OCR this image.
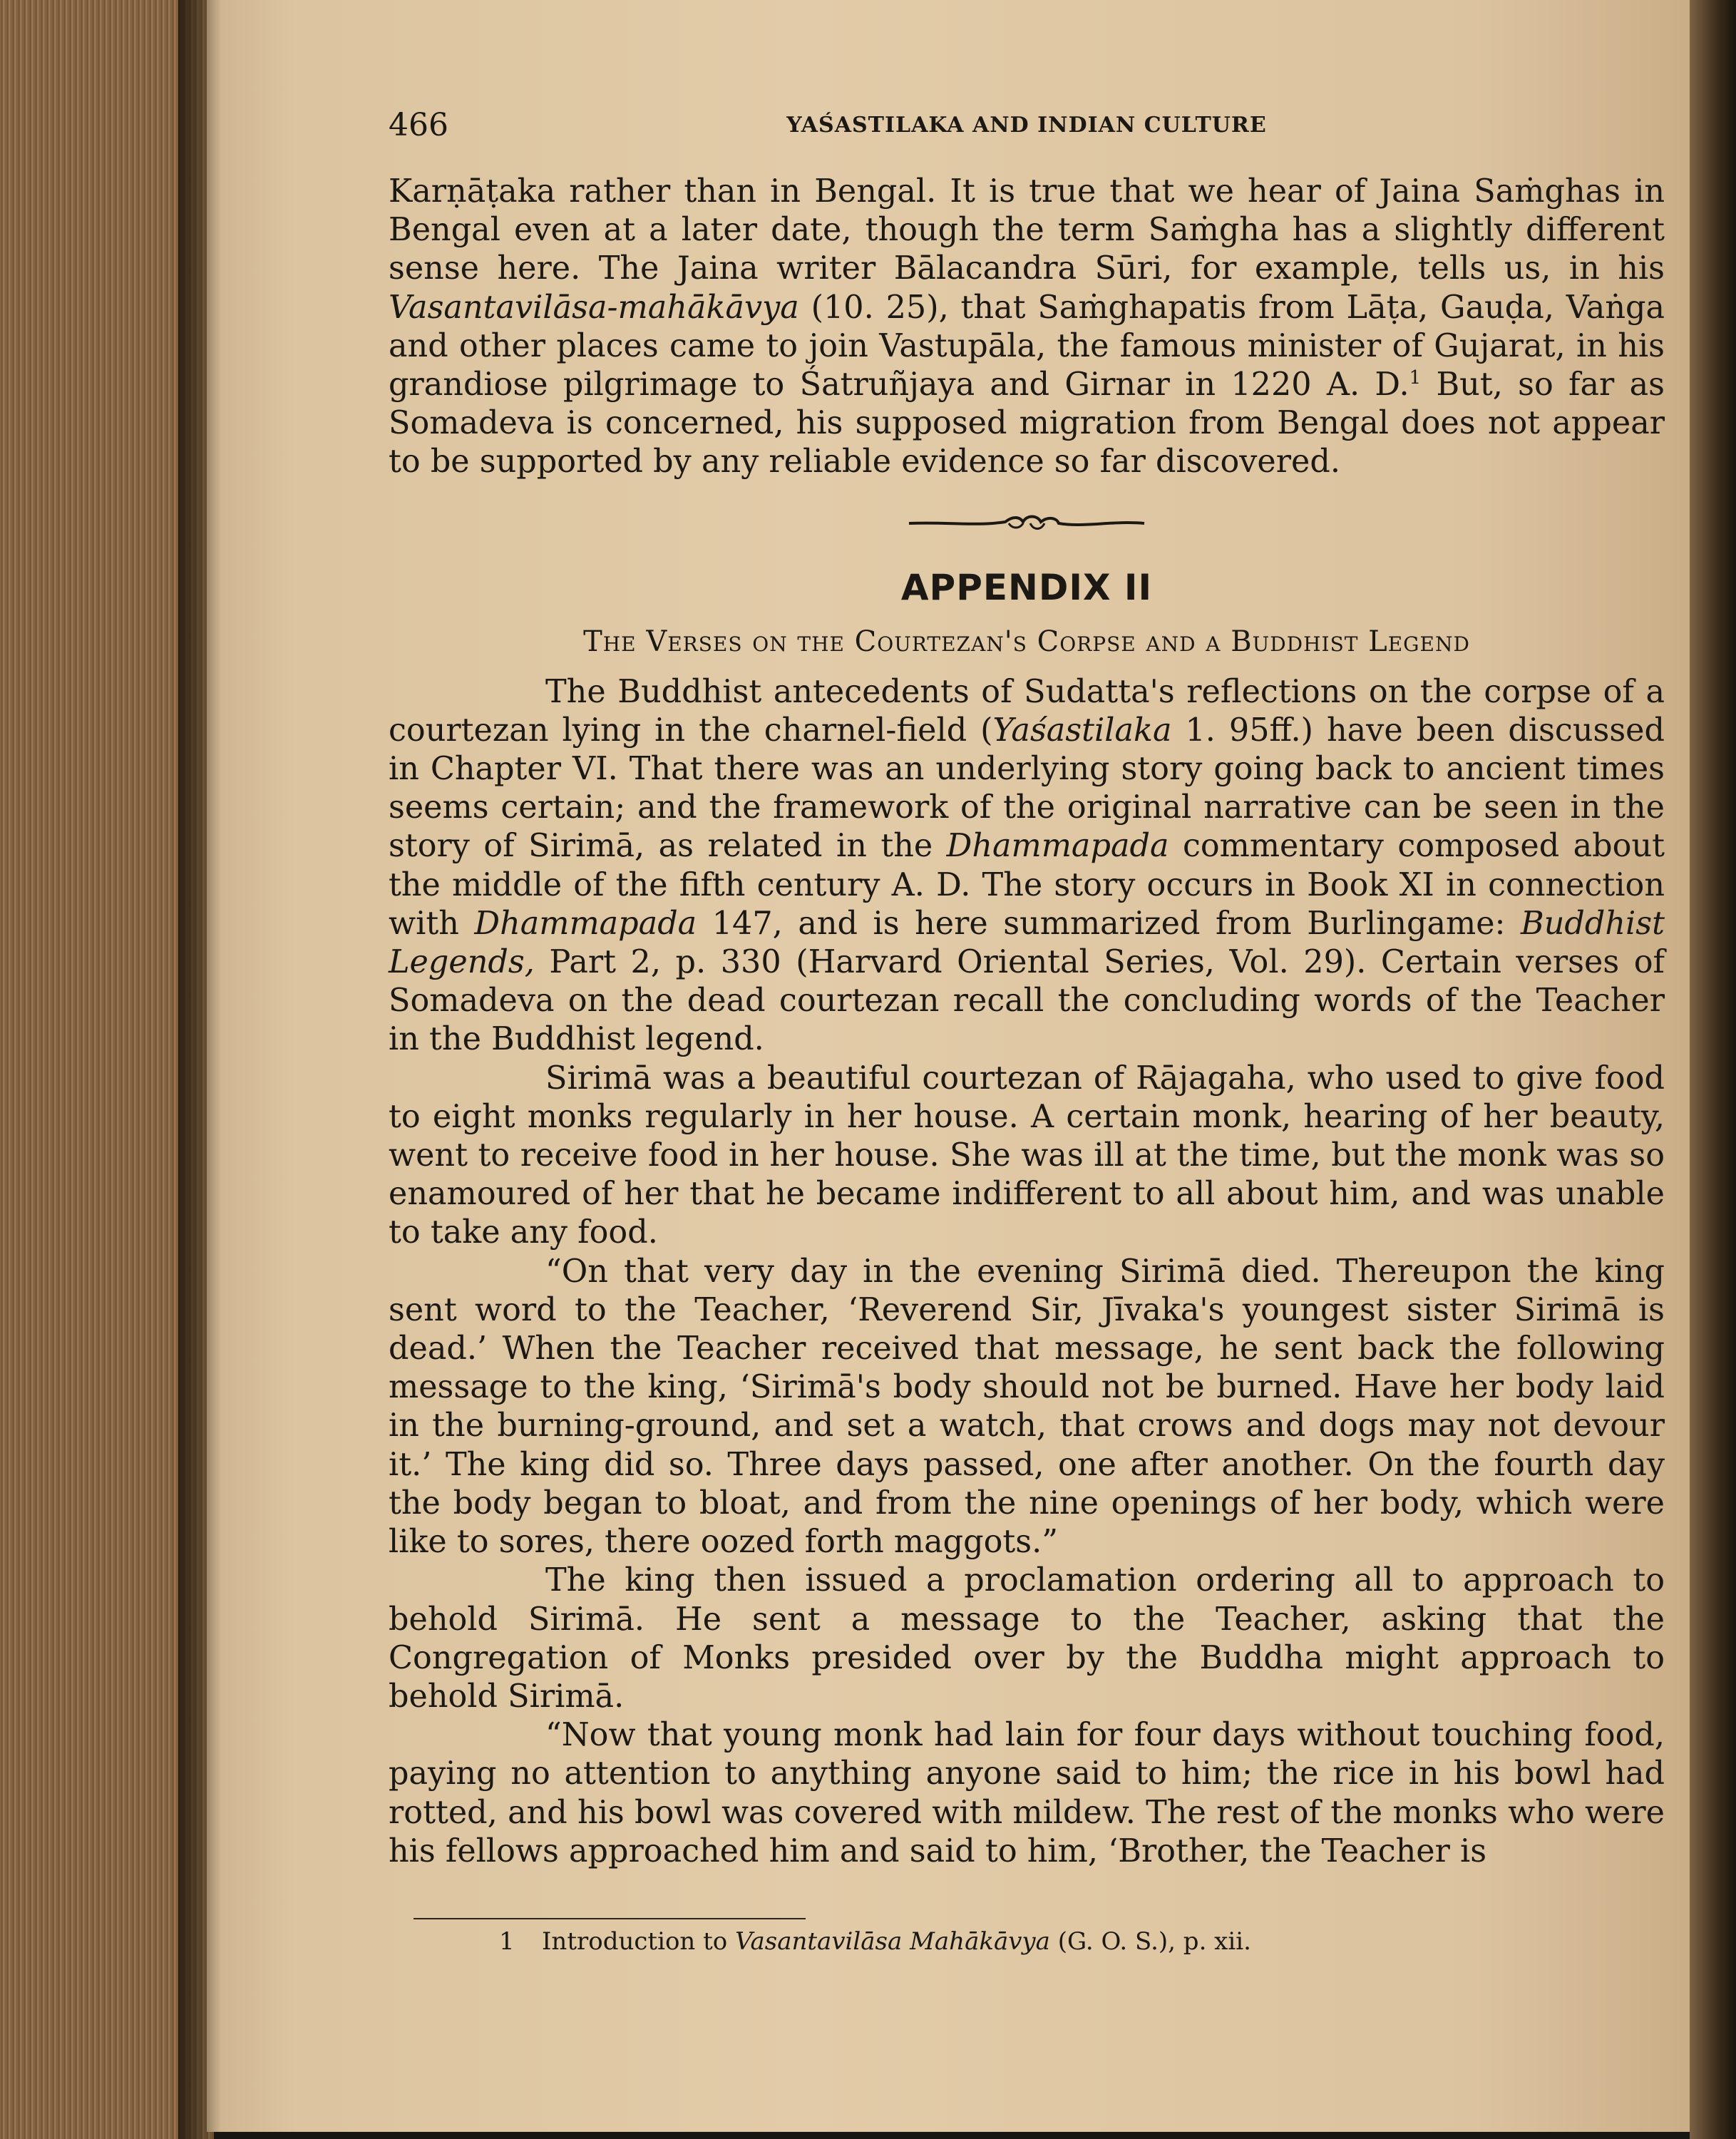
466	YAŚASTILAKA AND INDIAN CULTURE

Karṇāṭaka rather than in Bengal. It is true that we hear of Jaina Saṁghas in Bengal even at a later date, though the term Saṁgha has a slightly different sense here. The Jaina writer Bālacandra Sūri, for example, tells us, in his Vasantavilāsa-mahākāvya (10. 25), that Saṁghapatis from Lāṭa, Gauḍa, Vaṅga and other places came to join Vastupāla, the famous minister of Gujarat, in his grandiose pilgrimage to Śatruñjaya and Girnar in 1220 A. D.$^1$ But, so far as Somadeva is concerned, his supposed migration from Bengal does not appear to be supported by any reliable evidence so far discovered.

APPENDIX II
The Verses on the Courtezan's Corpse and a Buddhist Legend

The Buddhist antecedents of Sudatta's reflections on the corpse of a courtezan lying in the charnel-field (Yaśastilaka 1. 95ff.) have been discussed in Chapter VI. That there was an underlying story going back to ancient times seems certain; and the framework of the original narrative can be seen in the story of Sirimā, as related in the Dhammapada commentary composed about the middle of the fifth century A. D. The story occurs in Book XI in connection with Dhammapada 147, and is here summarized from Burlingame: Buddhist Legends, Part 2, p. 330 (Harvard Oriental Series, Vol. 29). Certain verses of Somadeva on the dead courtezan recall the concluding words of the Teacher in the Buddhist legend.

Sirimā was a beautiful courtezan of Rājagaha, who used to give food to eight monks regularly in her house. A certain monk, hearing of her beauty, went to receive food in her house. She was ill at the time, but the monk was so enamoured of her that he became indifferent to all about him, and was unable to take any food.

“On that very day in the evening Sirimā died. Thereupon the king sent word to the Teacher, ‘Reverend Sir, Jīvaka's youngest sister Sirimā is dead.’ When the Teacher received that message, he sent back the following message to the king, ‘Sirimā's body should not be burned. Have her body laid in the burning-ground, and set a watch, that crows and dogs may not devour it.’ The king did so. Three days passed, one after another. On the fourth day the body began to bloat, and from the nine openings of her body, which were like to sores, there oozed forth maggots.”

The king then issued a proclamation ordering all to approach to behold Sirimā. He sent a message to the Teacher, asking that the Congregation of Monks presided over by the Buddha might approach to behold Sirimā.

“Now that young monk had lain for four days without touching food, paying no attention to anything anyone said to him; the rice in his bowl had rotted, and his bowl was covered with mildew. The rest of the monks who were his fellows approached him and said to him, ‘Brother, the Teacher is

1 Introduction to Vasantavilāsa Mahākāvya (G. O. S.), p. xii.
